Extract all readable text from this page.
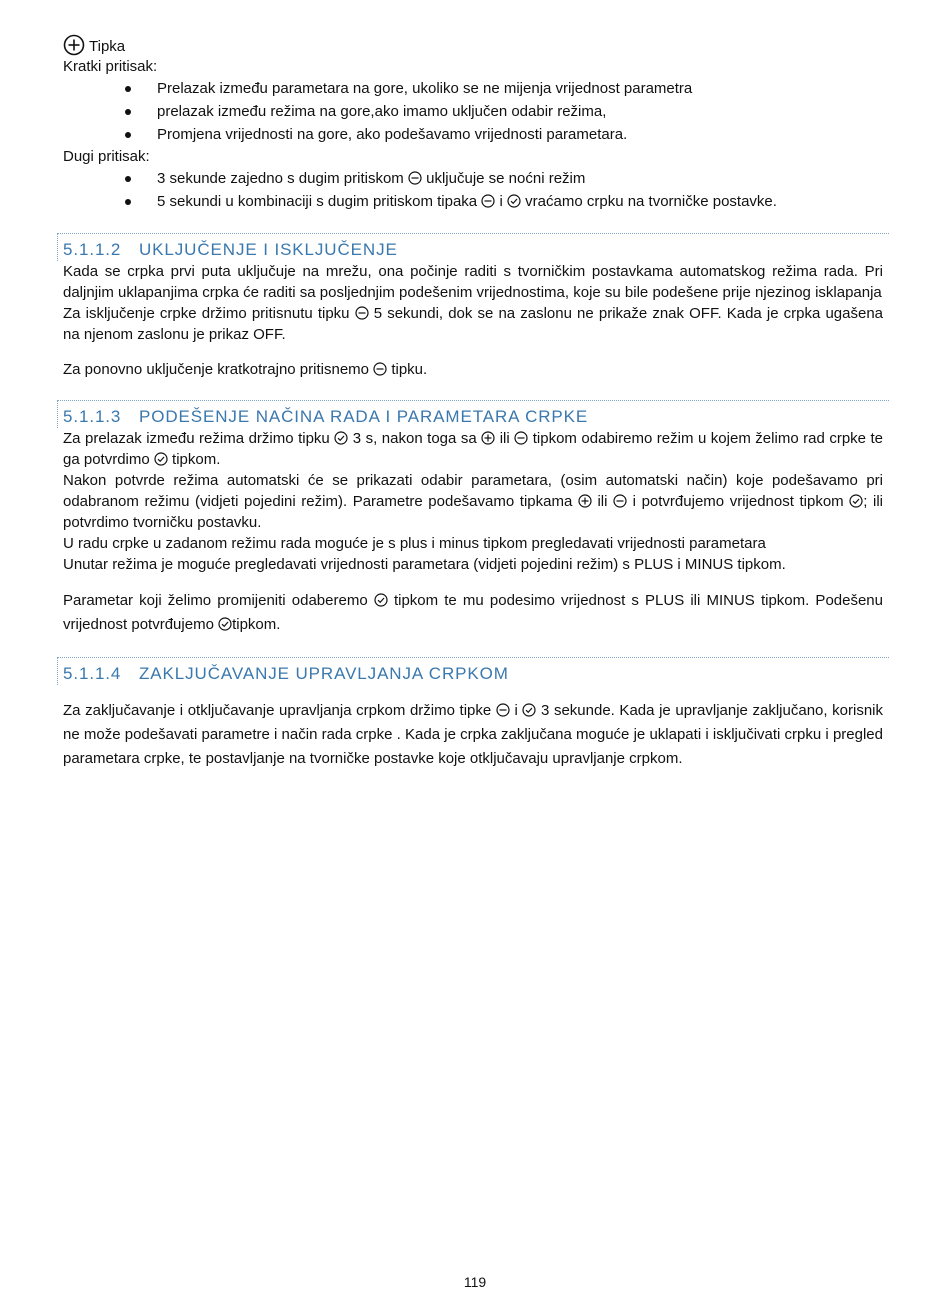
Tipka

Kratki pritisak:

Prelazak između parametara na gore, ukoliko se ne mijenja vrijednost parametra
prelazak između režima na gore,ako imamo uključen odabir režima,
Promjena vrijednosti na gore, ako podešavamo vrijednosti parametara.

Dugi pritisak:

3 sekunde zajedno s dugim pritiskom
uključuje se noćni režim
5 sekundi u kombinaciji s dugim pritiskom tipaka
i
vraćamo crpku na tvorničke postavke.
5.1.1.2 UKLJUČENJE I ISKLJUČENJE

Kada se crpka prvi puta uključuje na mrežu, ona počinje raditi s tvorničkim postavkama automatskog režima rada. Pri daljnjim uklapanjima crpka će raditi sa posljednjim podešenim vrijednostima, koje su bile podešene prije njezinog isklapanja

Za isključenje crpke držimo pritisnutu tipku
5 sekundi, dok se na zaslonu ne prikaže znak OFF. Kada je crpka ugašena na njenom zaslonu je prikaz OFF.

Za ponovno uključenje kratkotrajno pritisnemo
tipku.

5.1.1.3 PODEŠENJE NAČINA RADA I PARAMETARA CRPKE

Za prelazak između režima držimo tipku
3 s, nakon toga sa
ili
tipkom odabiremo režim u kojem želimo rad crpke te ga potvrdimo
tipkom.

Nakon potvrde režima automatski će se prikazati odabir parametara, (osim automatski način) koje podešavamo pri odabranom režimu (vidjeti pojedini režim). Parametre podešavamo tipkama
ili
i potvrđujemo vrijednost tipkom ; ili potvrdimo tvorničku postavku.

U radu crpke u zadanom režimu rada moguće je s plus i minus tipkom pregledavati vrijednosti parametara

Unutar režima je moguće pregledavati vrijednosti parametara (vidjeti pojedini režim) s PLUS i MINUS tipkom.

Parametar koji želimo promijeniti odaberemo
tipkom te mu podesimo vrijednost s PLUS ili MINUS tipkom. Podešenu vrijednost potvrđujemo tipkom.

5.1.1.4 ZAKLJUČAVANJE UPRAVLJANJA CRPKOM

Za zaključavanje i otključavanje upravljanja crpkom držimo tipke
i
3 sekunde. Kada je upravljanje zaključano, korisnik ne može podešavati parametre i način rada crpke . Kada je crpka zaključana moguće je uklapati i isključivati crpku i pregled parametara crpke, te postavljanje na tvorničke postavke koje otključavaju upravljanje crpkom.

119
